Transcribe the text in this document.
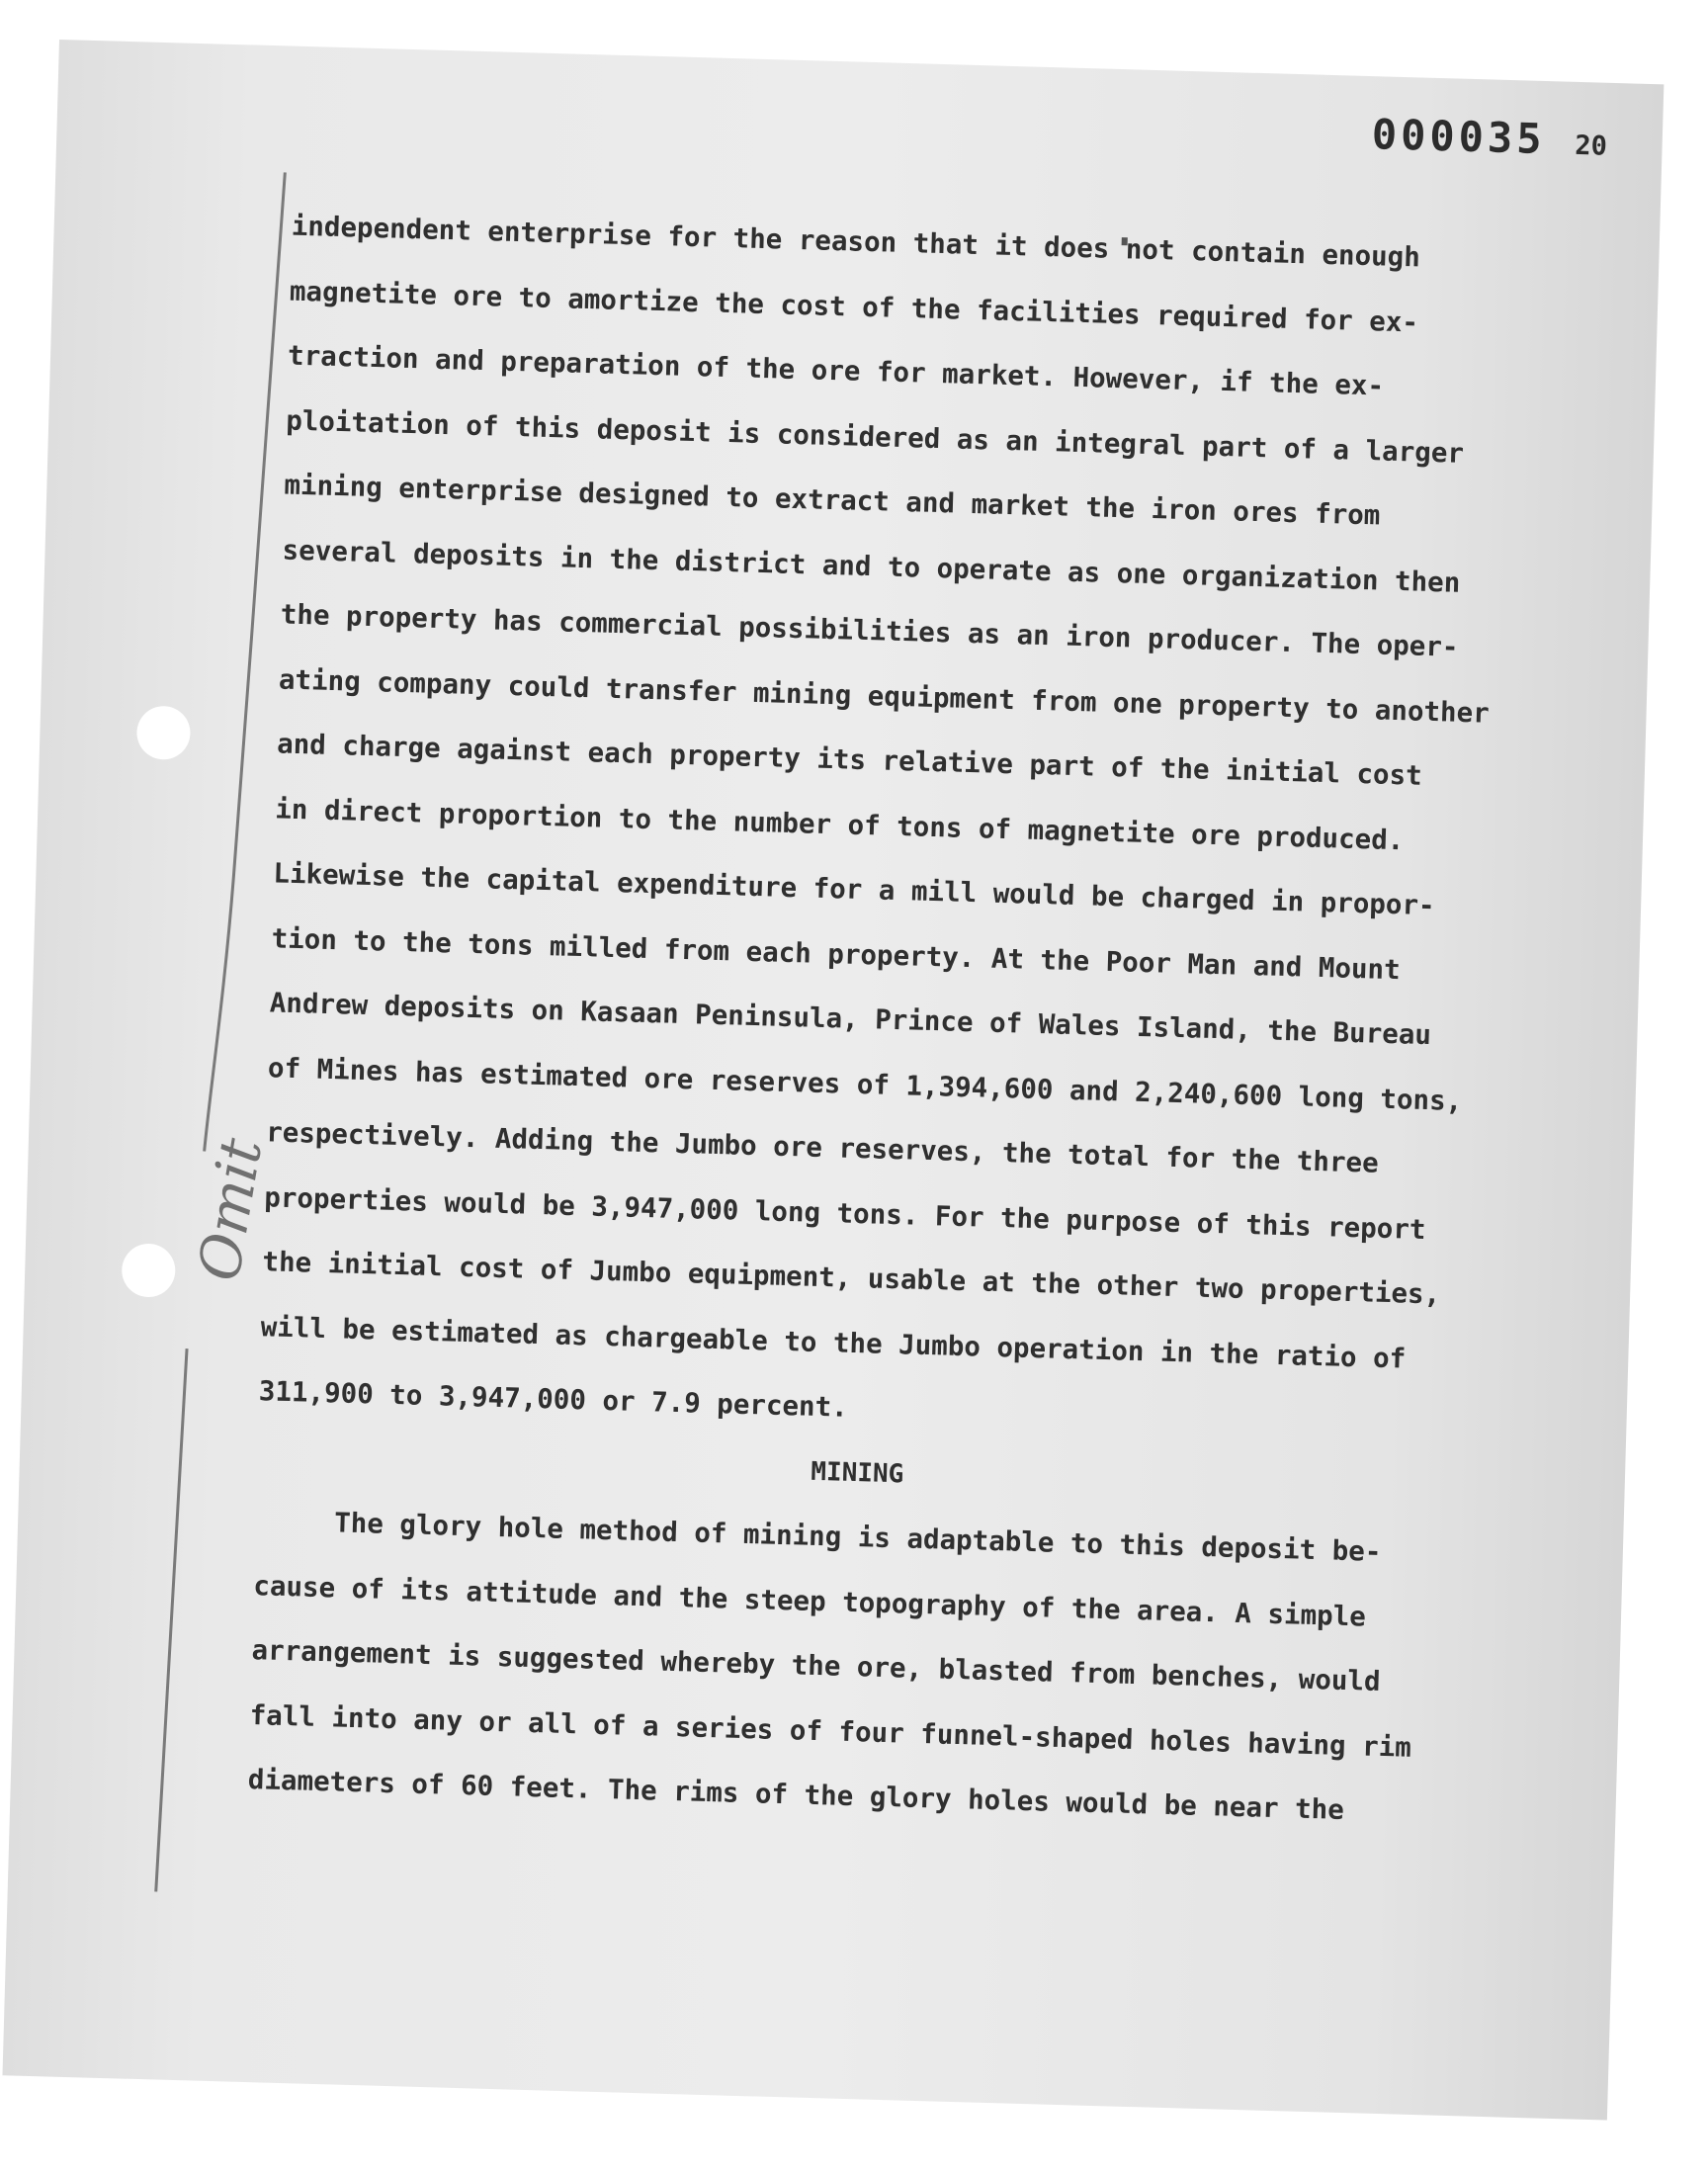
000035 20
Omit
independent enterprise for the reason that it does not contain enough
magnetite ore to amortize the cost of the facilities required for ex-
traction and preparation of the ore for market. However, if the ex-
ploitation of this deposit is considered as an integral part of a larger
mining enterprise designed to extract and market the iron ores from
several deposits in the district and to operate as one organization then
the property has commercial possibilities as an iron producer. The oper-
ating company could transfer mining equipment from one property to another
and charge against each property its relative part of the initial cost
in direct proportion to the number of tons of magnetite ore produced.
Likewise the capital expenditure for a mill would be charged in propor-
tion to the tons milled from each property. At the Poor Man and Mount
Andrew deposits on Kasaan Peninsula, Prince of Wales Island, the Bureau
of Mines has estimated ore reserves of 1,394,600 and 2,240,600 long tons,
respectively. Adding the Jumbo ore reserves, the total for the three
properties would be 3,947,000 long tons. For the purpose of this report
the initial cost of Jumbo equipment, usable at the other two properties,
will be estimated as chargeable to the Jumbo operation in the ratio of
311,900 to 3,947,000 or 7.9 percent.
MINING
The glory hole method of mining is adaptable to this deposit be-
cause of its attitude and the steep topography of the area. A simple
arrangement is suggested whereby the ore, blasted from benches, would
fall into any or all of a series of four funnel-shaped holes having rim
diameters of 60 feet. The rims of the glory holes would be near the
